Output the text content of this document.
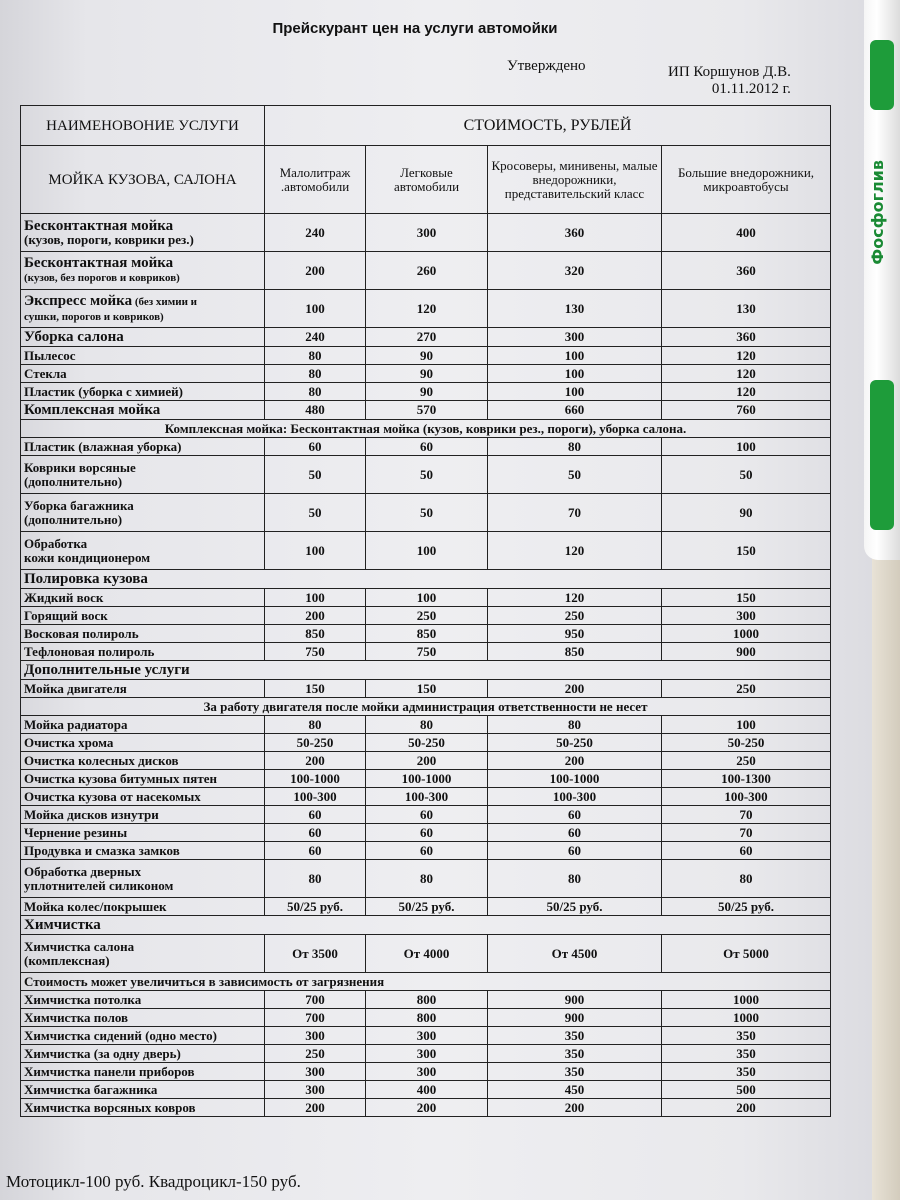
Фосфоглив
Прейскурант цен на услуги автомойки
Утверждено	ИП Коршунов Д.В.
01.11.2012 г.
НАИМЕНОВОНИЕ УСЛУГИ	СТОИМОСТЬ, РУБЛЕЙ			
МОЙКА КУЗОВА, САЛОНА	Малолитраж .автомобили	Легковые автомобили	Кросоверы, минивены, малые внедорожники, представительский класс	Большие внедорожники, микроавтобусы
Бесконтактная мойка
(кузов, пороги, коврики рез.)	240	300	360	400
Бесконтактная мойка
(кузов, без порогов и ковриков)	200	260	320	360
Экспресс мойка (без химии и
сушки, порогов и ковриков)	100	120	130	130
Уборка салона	240	270	300	360
Пылесос	80	90	100	120
Стекла	80	90	100	120
Пластик (уборка с химией)	80	90	100	120
Комплексная мойка	480	570	660	760
Комплексная мойка: Бесконтактная мойка (кузов, коврики рез., пороги), уборка салона.				
Пластик (влажная уборка)	60	60	80	100
Коврики ворсяные
(дополнительно)	50	50	50	50
Уборка багажника
(дополнительно)	50	50	70	90
Обработка
кожи кондиционером	100	100	120	150
Полировка кузова				
Жидкий воск	100	100	120	150
Горящий воск	200	250	250	300
Восковая полироль	850	850	950	1000
Тефлоновая полироль	750	750	850	900
Дополнительные услуги				
Мойка двигателя	150	150	200	250
За работу двигателя после мойки администрация ответственности не несет				
Мойка радиатора	80	80	80	100
Очистка хрома	50-250	50-250	50-250	50-250
Очистка колесных дисков	200	200	200	250
Очистка кузова битумных пятен	100-1000	100-1000	100-1000	100-1300
Очистка кузова от насекомых	100-300	100-300	100-300	100-300
Мойка дисков изнутри	60	60	60	70
Чернение резины	60	60	60	70
Продувка и смазка замков	60	60	60	60
Обработка дверных
уплотнителей силиконом	80	80	80	80
Мойка колес/покрышек	50/25 руб.	50/25 руб.	50/25 руб.	50/25 руб.
Химчистка				
Химчистка салона
(комплексная)	От 3500	От 4000	От 4500	От 5000
Стоимость может увеличиться в зависимость от загрязнения				
Химчистка потолка	700	800	900	1000
Химчистка полов	700	800	900	1000
Химчистка сидений (одно место)	300	300	350	350
Химчистка (за одну дверь)	250	300	350	350
Химчистка панели приборов	300	300	350	350
Химчистка багажника	300	400	450	500
Химчистка ворсяных ковров	200	200	200	200
Мотоцикл-100 руб. Квадроцикл-150 руб.
